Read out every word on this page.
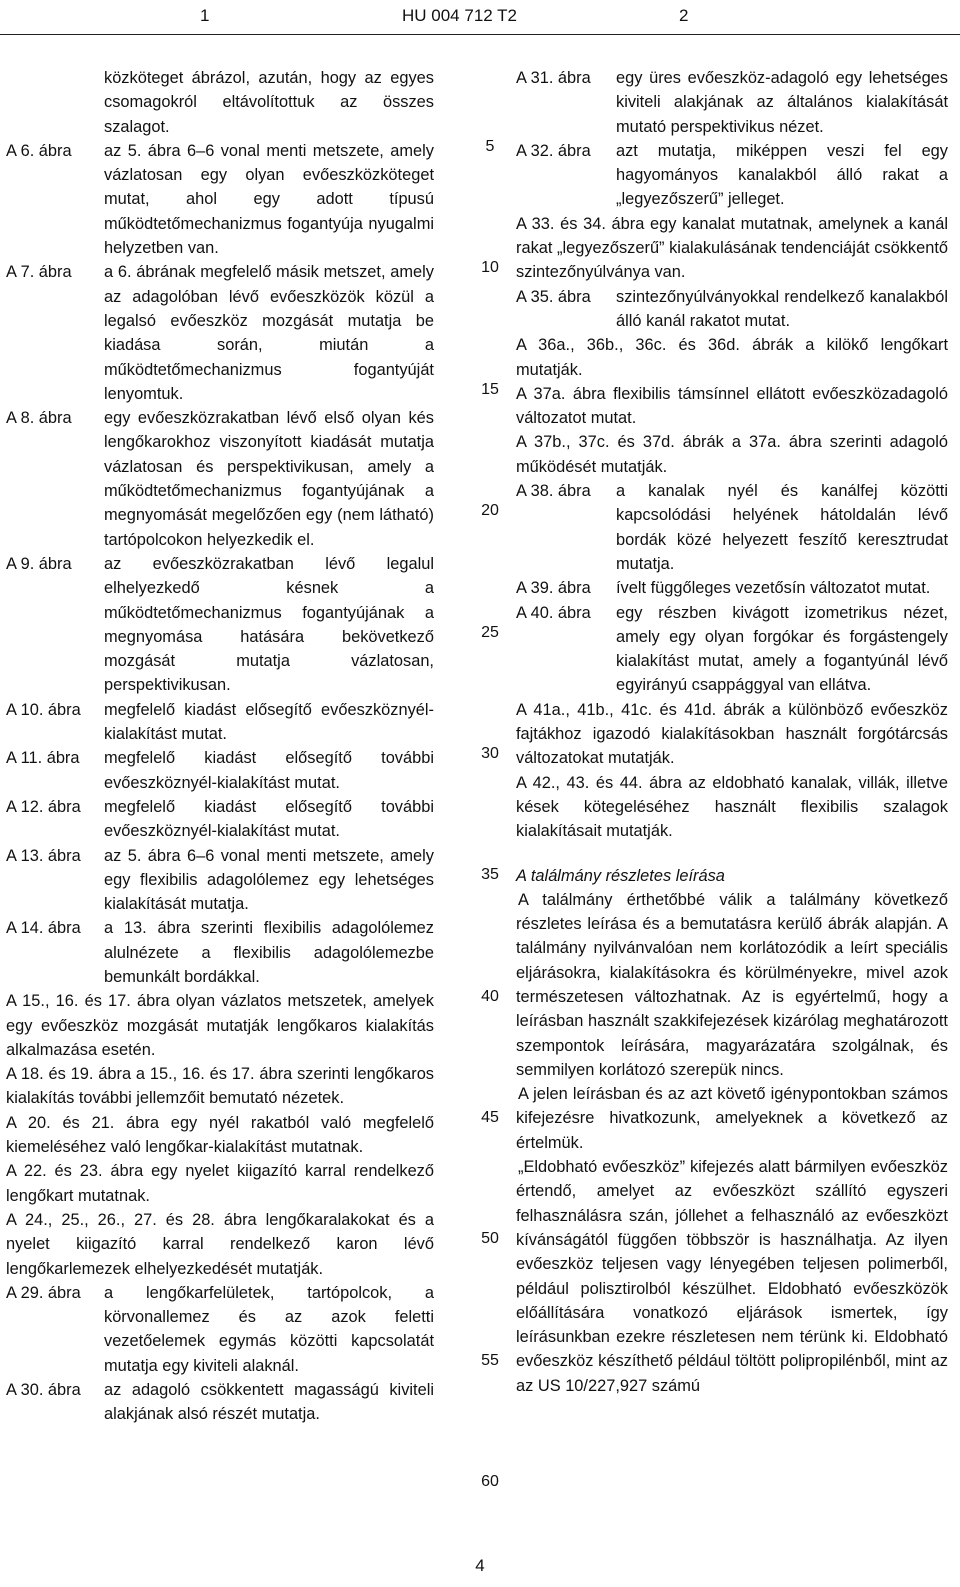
1	HU 004 712 T2	2
közköteget ábrázol, azután, hogy az egyes csomagokról eltávolítottuk az összes szalagot.
A 6. ábra	az 5. ábra 6–6 vonal menti metszete, amely vázlatosan egy olyan evőeszközköteget mutat, ahol egy adott típusú működtetőmechanizmus fogantyúja nyugalmi helyzetben van.
A 7. ábra	a 6. ábrának megfelelő másik metszet, amely az adagolóban lévő evőeszközök közül a legalsó evőeszköz mozgását mutatja be kiadása során, miután a működtetőmechanizmus fogantyúját lenyomtuk.
A 8. ábra	egy evőeszközrakatban lévő első olyan kés lengőkarokhoz viszonyított kiadását mutatja vázlatosan és perspektivikusan, amely a működtetőmechanizmus fogantyújának a megnyomását megelőzően egy (nem látható) tartópolcokon helyezkedik el.
A 9. ábra	az evőeszközrakatban lévő legalul elhelyezkedő késnek a működtetőmechanizmus fogantyújának a megnyomása hatására bekövetkező mozgását mutatja vázlatosan, perspektivikusan.
A 10. ábra	megfelelő kiadást elősegítő evőeszköznyél-kialakítást mutat.
A 11. ábra	megfelelő kiadást elősegítő további evőeszköznyél-kialakítást mutat.
A 12. ábra	megfelelő kiadást elősegítő további evőeszköznyél-kialakítást mutat.
A 13. ábra	az 5. ábra 6–6 vonal menti metszete, amely egy flexibilis adagolólemez egy lehetséges kialakítását mutatja.
A 14. ábra	a 13. ábra szerinti flexibilis adagolólemez alulnézete a flexibilis adagolólemezbe bemunkált bordákkal.
A 15., 16. és 17. ábra olyan vázlatos metszetek, amelyek egy evőeszköz mozgását mutatják lengőkaros kialakítás alkalmazása esetén.
A 18. és 19. ábra a 15., 16. és 17. ábra szerinti lengőkaros kialakítás további jellemzőit bemutató nézetek.
A 20. és 21. ábra egy nyél rakatból való megfelelő kiemeléséhez való lengőkar-kialakítást mutatnak.
A 22. és 23. ábra egy nyelet kiigazító karral rendelkező lengőkart mutatnak.
A 24., 25., 26., 27. és 28. ábra lengőkaralakokat és a nyelet kiigazító karral rendelkező karon lévő lengőkarlemezek elhelyezkedését mutatják.
A 29. ábra	a lengőkarfelületek, tartópolcok, a körvonallemez és az azok feletti vezetőelemek egymás közötti kapcsolatát mutatja egy kiviteli alaknál.
A 30. ábra	az adagoló csökkentett magasságú kiviteli alakjának alsó részét mutatja.
5
10
15
20
25
30
35
40
45
50
55
60
A 31. ábra	egy üres evőeszköz-adagoló egy lehetséges kiviteli alakjának az általános kialakítását mutató perspektivikus nézet.
A 32. ábra	azt mutatja, miképpen veszi fel egy hagyományos kanalakból álló rakat a „legyezőszerű” jelleget.
A 33. és 34. ábra egy kanalat mutatnak, amelynek a kanál rakat „legyezőszerű” kialakulásának tendenciáját csökkentő szintezőnyúlványa van.
A 35. ábra	szintezőnyúlványokkal rendelkező kanalakból álló kanál rakatot mutat.
A 36a., 36b., 36c. és 36d. ábrák a kilökő lengőkart mutatják.
A 37a. ábra flexibilis támsínnel ellátott evőeszközadagoló változatot mutat.
A 37b., 37c. és 37d. ábrák a 37a. ábra szerinti adagoló működését mutatják.
A 38. ábra	a kanalak nyél és kanálfej közötti kapcsolódási helyének hátoldalán lévő bordák közé helyezett feszítő keresztrudat mutatja.
A 39. ábra	ívelt függőleges vezetősín változatot mutat.
A 40. ábra	egy részben kivágott izometrikus nézet, amely egy olyan forgókar és forgástengely kialakítást mutat, amely a fogantyúnál lévő egyirányú csappággyal van ellátva.
A 41a., 41b., 41c. és 41d. ábrák a különböző evőeszköz fajtákhoz igazodó kialakításokban használt forgótárcsás változatokat mutatják.
A 42., 43. és 44. ábra az eldobható kanalak, villák, illetve kések kötegeléséhez használt flexibilis szalagok kialakításait mutatják.
A találmány részletes leírása

A találmány érthetőbbé válik a találmány következő részletes leírása és a bemutatásra kerülő ábrák alapján. A találmány nyilvánvalóan nem korlátozódik a leírt speciális eljárásokra, kialakításokra és körülményekre, mivel azok természetesen változhatnak. Az is egyértelmű, hogy a leírásban használt szakkifejezések kizárólag meghatározott szempontok leírására, magyarázatára szolgálnak, és semmilyen korlátozó szerepük nincs.

A jelen leírásban és az azt követő igénypontokban számos kifejezésre hivatkozunk, amelyeknek a következő az értelmük.

„Eldobható evőeszköz” kifejezés alatt bármilyen evőeszköz értendő, amelyet az evőeszközt szállító egyszeri felhasználásra szán, jóllehet a felhasználó az evőeszközt kívánságától függően többször is használhatja. Az ilyen evőeszköz teljesen vagy lényegében teljesen polimerből, például polisztirolból készülhet. Eldobható evőeszközök előállítására vonatkozó eljárások ismertek, így leírásunkban ezekre részletesen nem térünk ki. Eldobható evőeszköz készíthető például töltött polipropilénből, mint az az US 10/227,927 számú

4
